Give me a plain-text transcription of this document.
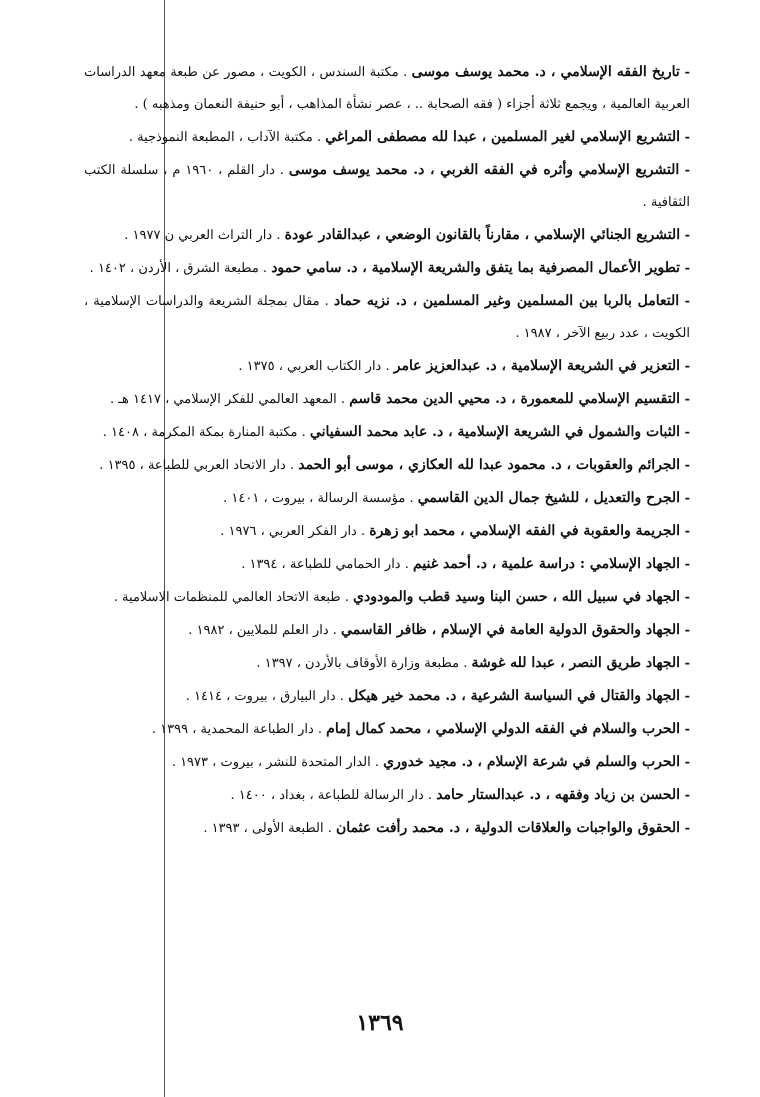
- تاريخ الفقه الإسلامي ، د. محمد يوسف موسى . مكتبة السندس ، الكويت ، مصور عن طبعة معهد الدراسات العربية العالمية ، ويجمع ثلاثة أجزاء ( فقه الصحابة .. ، عصر نشأة المذاهب ، أبو حنيفة النعمان ومذهبه ) .
- التشريع الإسلامي لغير المسلمين ، عبدا لله مصطفى المراغي . مكتبة الآداب ، المطبعة النموذجية .
- التشريع الإسلامي وأثره في الفقه الغربي ، د. محمد يوسف موسى . دار القلم ، ١٩٦٠ م ، سلسلة الكتب الثقافية .
- التشريع الجنائي الإسلامي ، مقارناً بالقانون الوضعي ، عبدالقادر عودة . دار التراث العربي ن ١٩٧٧ .
- تطوير الأعمال المصرفية بما يتفق والشريعة الإسلامية ، د. سامي حمود . مطبعة الشرق ، الأردن ، ١٤٠٢ .
- التعامل بالربا بين المسلمين وغير المسلمين ، د. نزيه حماد . مقال بمجلة الشريعة والدراسات الإسلامية ، الكويت ، عدد ربيع الآخر ، ١٩٨٧ .
- التعزير في الشريعة الإسلامية ، د. عبدالعزيز عامر . دار الكتاب العربي ، ١٣٧٥ .
- التقسيم الإسلامي للمعمورة ، د. محيي الدين محمد قاسم . المعهد العالمي للفكر الإسلامي ، ١٤١٧ هـ .
- الثبات والشمول في الشريعة الإسلامية ، د. عابد محمد السفياني . مكتبة المنارة بمكة المكرمة ، ١٤٠٨ .
- الجرائم والعقوبات ، د. محمود عبدا لله العكازي ، موسى أبو الحمد . دار الاتحاد العربي للطباعة ، ١٣٩٥ .
- الجرح والتعديل ، للشيخ جمال الدين القاسمي . مؤسسة الرسالة ، بيروت ، ١٤٠١ .
- الجريمة والعقوبة في الفقه الإسلامي ، محمد ابو زهرة . دار الفكر العربي ، ١٩٧٦ .
- الجهاد الإسلامي : دراسة علمية ، د. أحمد غنيم . دار الحمامي للطباعة ، ١٣٩٤ .
- الجهاد في سبيل الله ، حسن البنا وسيد قطب والمودودي . طبعة الاتحاد العالمي للمنظمات الاسلامية .
- الجهاد والحقوق الدولية العامة في الإسلام ، ظافر القاسمي . دار العلم للملايين ، ١٩٨٢ .
- الجهاد طريق النصر ، عبدا لله غوشة . مطبعة وزارة الأوقاف بالأردن ، ١٣٩٧ .
- الجهاد والقتال في السياسة الشرعية ، د. محمد خير هيكل . دار البيارق ، بيروت ، ١٤١٤ .
- الحرب والسلام في الفقه الدولي الإسلامي ، محمد كمال إمام . دار الطباعة المحمدية ، ١٣٩٩ .
- الحرب والسلم في شرعة الإسلام ، د. مجيد خدوري . الدار المتحدة للنشر ، بيروت ، ١٩٧٣ .
- الحسن بن زياد وفقهه ، د. عبدالستار حامد . دار الرسالة للطباعة ، بغداد ، ١٤٠٠ .
- الحقوق والواجبات والعلاقات الدولية ، د. محمد رأفت عثمان . الطبعة الأولى ، ١٣٩٣ .
١٣٦٩
